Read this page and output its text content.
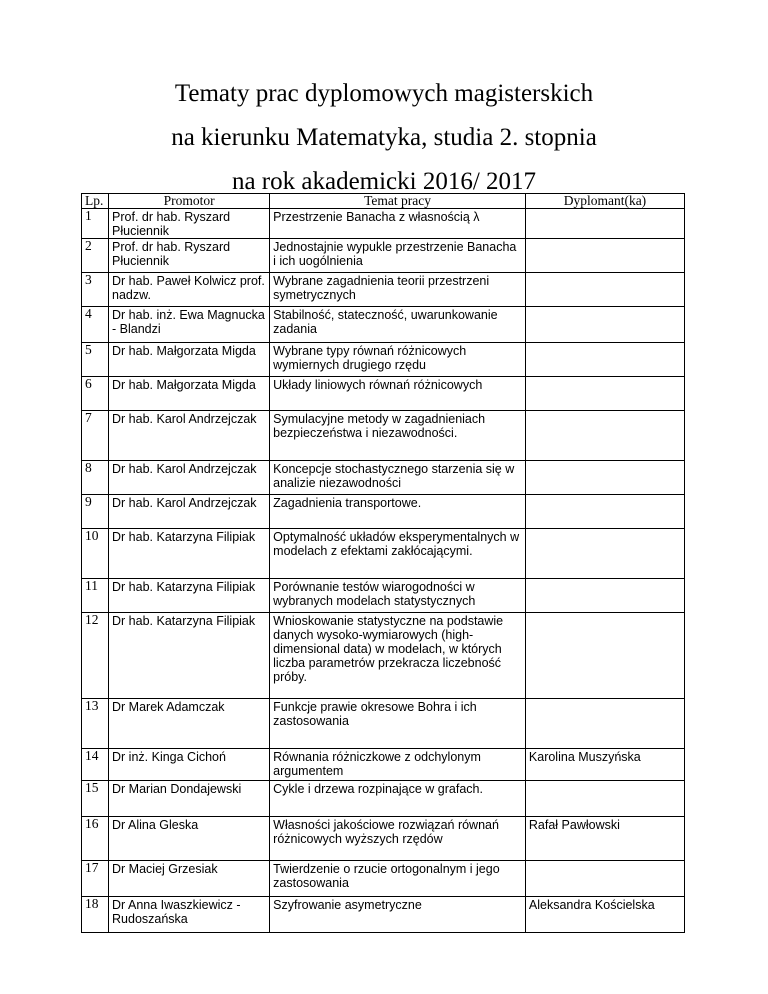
Tematy prac dyplomowych magisterskich
na kierunku Matematyka, studia 2. stopnia
na rok akademicki 2016/ 2017
Lp.	Promotor	Temat pracy	Dyplomant(ka)
1	Prof. dr hab. Ryszard Płuciennik	Przestrzenie Banacha z własnością λ	
2	Prof. dr hab. Ryszard Płuciennik	Jednostajnie wypukle przestrzenie Banacha i ich uogólnienia	
3	Dr hab. Paweł Kolwicz prof. nadzw.	Wybrane zagadnienia teorii przestrzeni symetrycznych	
4	Dr hab. inż. Ewa Magnucka - Blandzi	Stabilność, stateczność, uwarunkowanie zadania	
5	Dr hab. Małgorzata Migda	Wybrane typy równań różnicowych wymiernych drugiego rzędu	
6	Dr hab. Małgorzata Migda	Układy liniowych równań różnicowych	
7	Dr hab. Karol Andrzejczak	Symulacyjne metody w zagadnieniach bezpieczeństwa i niezawodności.	
8	Dr hab. Karol Andrzejczak	Koncepcje stochastycznego starzenia się w analizie niezawodności	
9	Dr hab. Karol Andrzejczak	Zagadnienia transportowe.	
10	Dr hab. Katarzyna Filipiak	Optymalność układów eksperymentalnych w modelach z efektami zakłócającymi.	
11	Dr hab. Katarzyna Filipiak	Porównanie testów wiarogodności w wybranych modelach statystycznych	
12	Dr hab. Katarzyna Filipiak	Wnioskowanie statystyczne na podstawie danych wysoko-wymiarowych (high-dimensional data) w modelach, w których liczba parametrów przekracza liczebność próby.	
13	Dr Marek Adamczak	Funkcje prawie okresowe Bohra i ich zastosowania	
14	Dr inż. Kinga Cichoń	Równania różniczkowe z odchylonym argumentem	Karolina Muszyńska
15	Dr Marian Dondajewski	Cykle i drzewa rozpinające w grafach.	
16	Dr Alina Gleska	Własności jakościowe rozwiązań równań różnicowych wyższych rzędów	Rafał Pawłowski
17	Dr Maciej Grzesiak	Twierdzenie o rzucie ortogonalnym i jego zastosowania	
18	Dr Anna Iwaszkiewicz - Rudoszańska	Szyfrowanie asymetryczne	Aleksandra Kościelska
